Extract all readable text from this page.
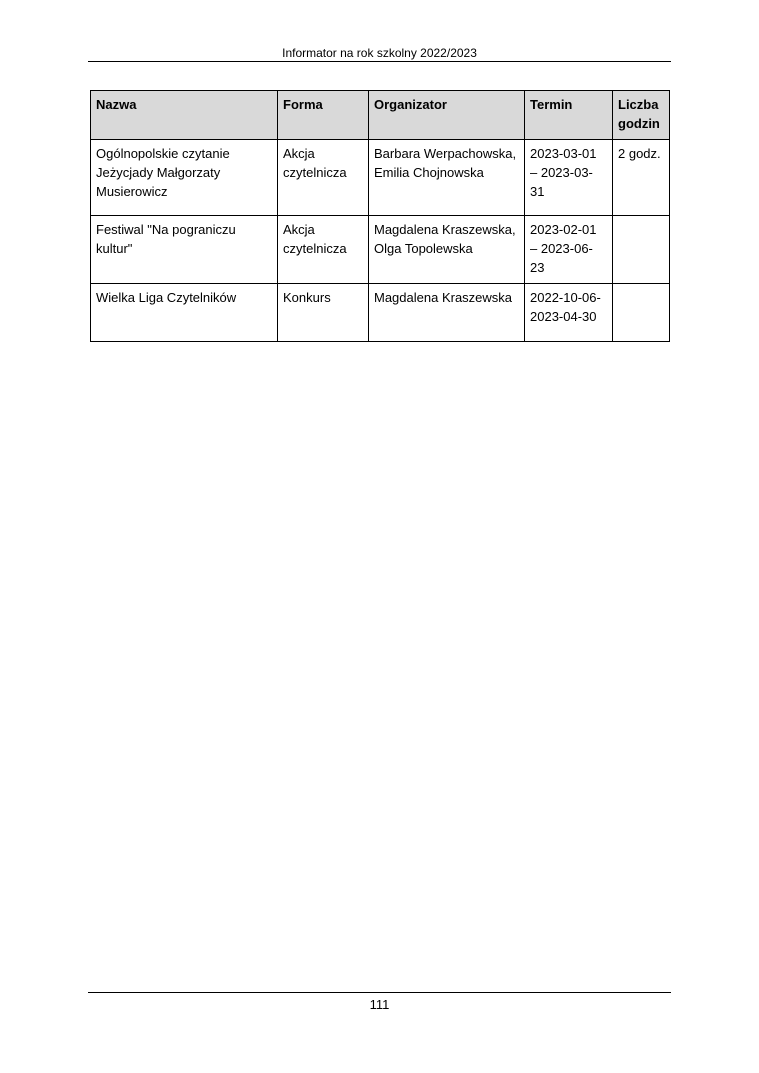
Informator na rok szkolny 2022/2023
Nazwa	Forma	Organizator	Termin	Liczba godzin
Ogólnopolskie czytanie Jeżycjady Małgorzaty Musierowicz	Akcja czytelnicza	Barbara Werpachowska, Emilia Chojnowska	2023-03-01 – 2023-03-31	2 godz.
Festiwal "Na pograniczu kultur"	Akcja czytelnicza	Magdalena Kraszewska, Olga Topolewska	2023-02-01 – 2023-06-23	
Wielka Liga Czytelników	Konkurs	Magdalena Kraszewska	2022-10-06-2023-04-30	
111
